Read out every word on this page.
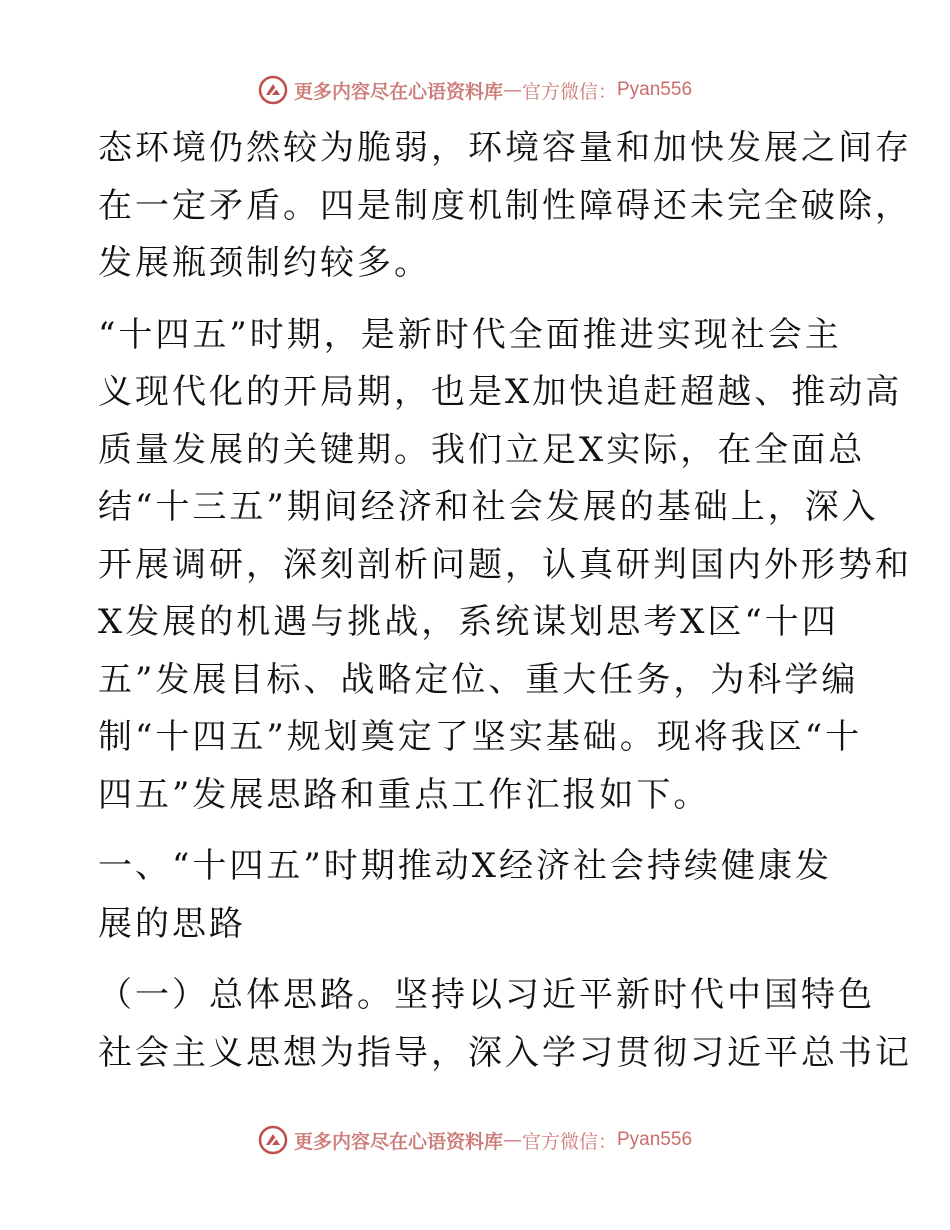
更多内容尽在心语资料库 — 官方微信： Pyan556
态环境仍然较为脆弱，环境容量和加快发展之间存
在一定矛盾。四是制度机制性障碍还未完全破除，
发展瓶颈制约较多。
“十四五”时期，是新时代全面推进实现社会主
义现代化的开局期，也是X加快追赶超越、推动高
质量发展的关键期。我们立足X实际，在全面总
结“十三五”期间经济和社会发展的基础上，深入
开展调研，深刻剖析问题，认真研判国内外形势和
X发展的机遇与挑战，系统谋划思考X区“十四
五”发展目标、战略定位、重大任务，为科学编
制“十四五”规划奠定了坚实基础。现将我区“十
四五”发展思路和重点工作汇报如下。
一、“十四五”时期推动X经济社会持续健康发
展的思路
（一）总体思路。坚持以习近平新时代中国特色
社会主义思想为指导，深入学习贯彻习近平总书记
更多内容尽在心语资料库 — 官方微信： Pyan556
